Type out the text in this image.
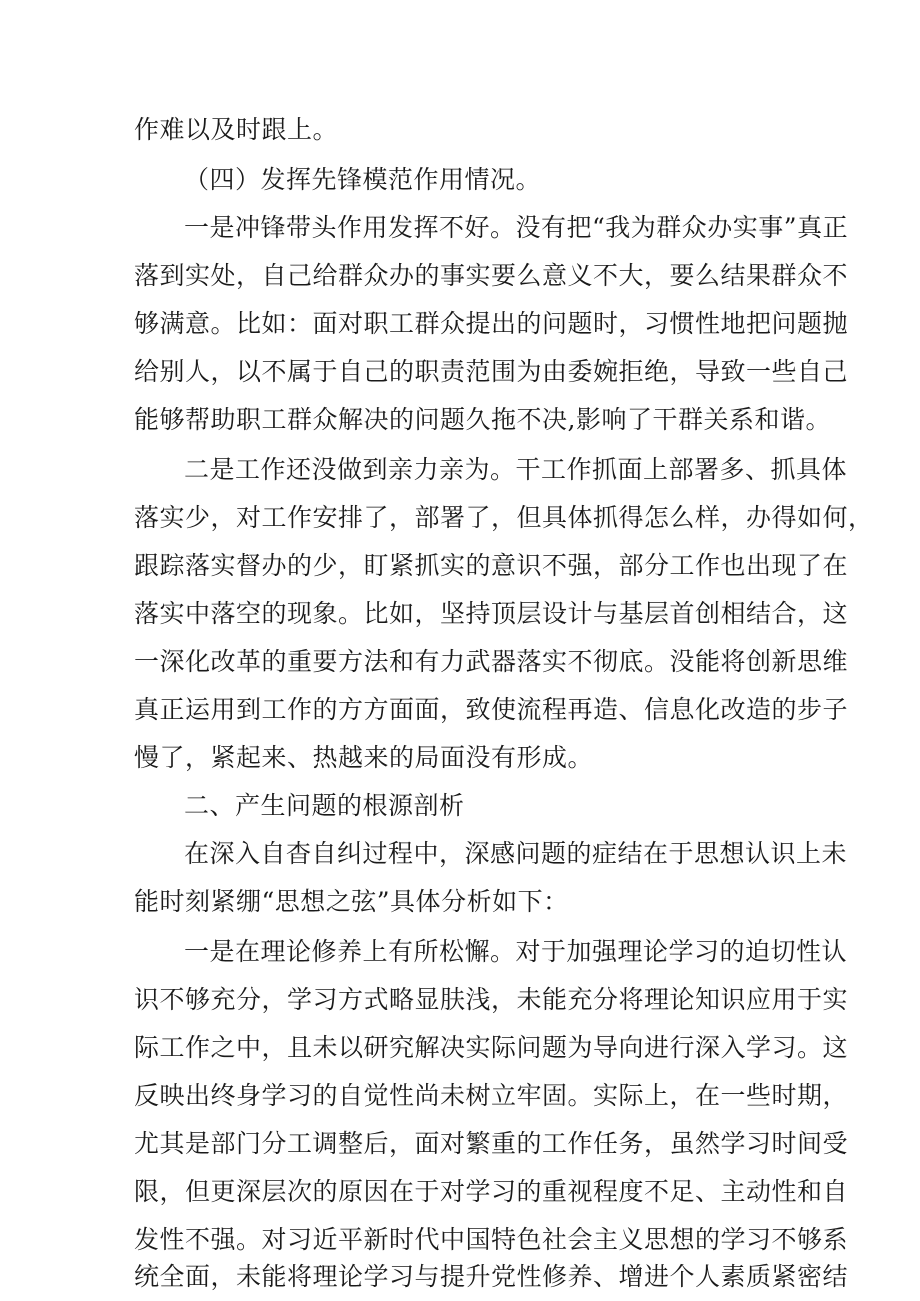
作难以及时跟上。

（四）发挥先锋模范作用情况。

一是冲锋带头作用发挥不好。没有把“我为群众办实事”真正

落到实处，自己给群众办的事实要么意义不大，要么结果群众不

够满意。比如：面对职工群众提出的问题时，习惯性地把问题抛

给别人，以不属于自己的职责范围为由委婉拒绝，导致一些自己

能够帮助职工群众解决的问题久拖不决,影响了干群关系和谐。

二是工作还没做到亲力亲为。干工作抓面上部署多、抓具体

落实少，对工作安排了，部署了，但具体抓得怎么样，办得如何，

跟踪落实督办的少，盯紧抓实的意识不强，部分工作也出现了在

落实中落空的现象。比如，坚持顶层设计与基层首创相结合，这

一深化改革的重要方法和有力武器落实不彻底。没能将创新思维

真正运用到工作的方方面面，致使流程再造、信息化改造的步子

慢了，紧起来、热越来的局面没有形成。

二、产生问题的根源剖析

在深入自杳自纠过程中，深感问题的症结在于思想认识上未

能时刻紧绷“思想之弦”具体分析如下：

一是在理论修养上有所松懈。对于加强理论学习的迫切性认

识不够充分，学习方式略显肤浅，未能充分将理论知识应用于实

际工作之中，且未以研究解决实际问题为导向进行深入学习。这

反映出终身学习的自觉性尚未树立牢固。实际上，在一些时期，

尤其是部门分工调整后，面对繁重的工作任务，虽然学习时间受

限，但更深层次的原因在于对学习的重视程度不足、主动性和自

发性不强。对习近平新时代中国特色社会主义思想的学习不够系

统全面，未能将理论学习与提升党性修养、增进个人素质紧密结
